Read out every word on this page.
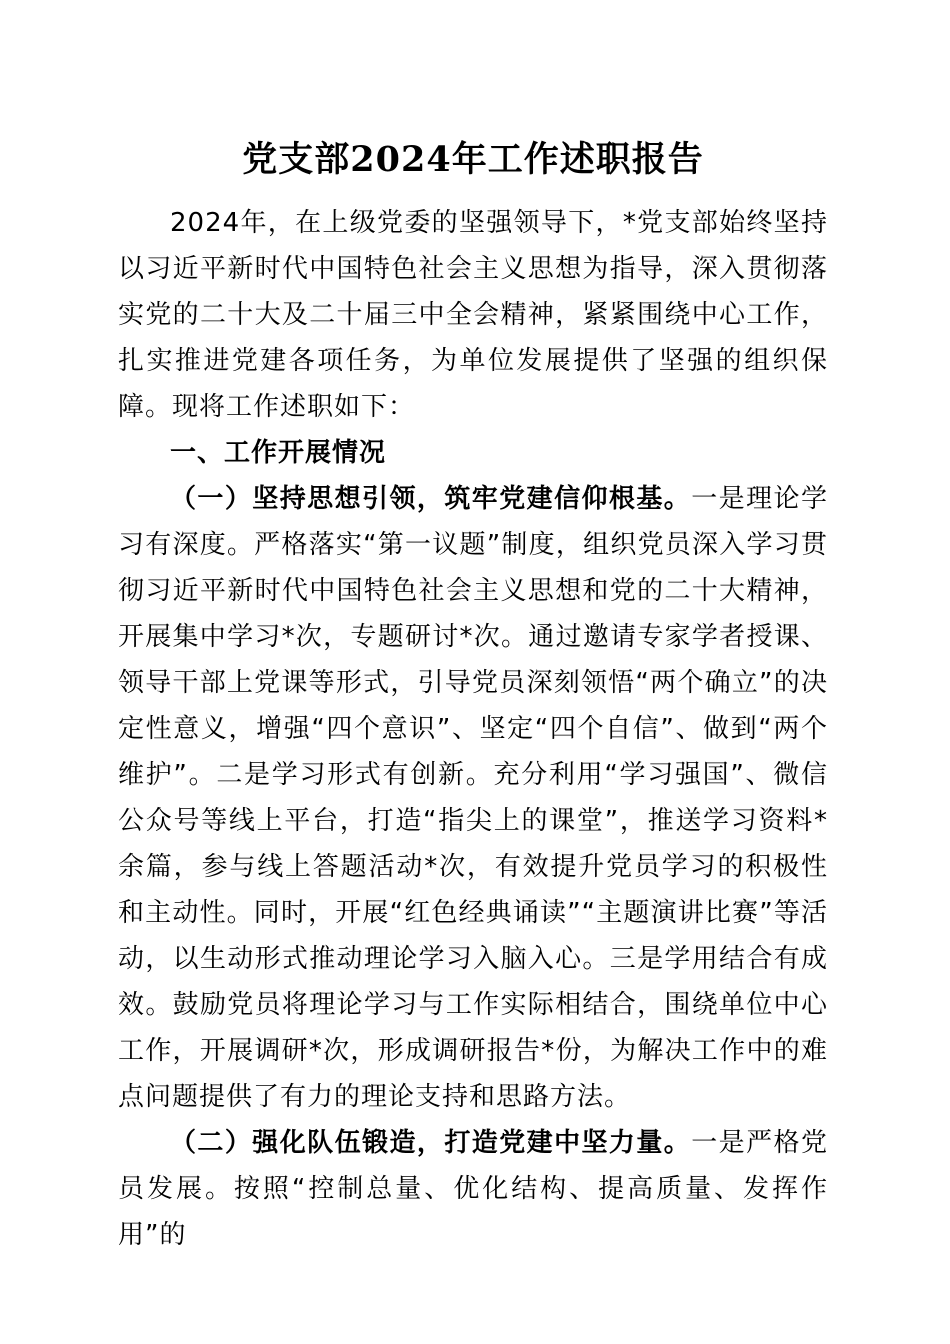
党支部2024年工作述职报告

2024年，在上级党委的坚强领导下，*党支部始终坚持以习近平新时代中国特色社会主义思想为指导，深入贯彻落实党的二十大及二十届三中全会精神，紧紧围绕中心工作，扎实推进党建各项任务，为单位发展提供了坚强的组织保障。现将工作述职如下：

一、工作开展情况

（一）坚持思想引领，筑牢党建信仰根基。一是理论学习有深度。严格落实“第一议题”制度，组织党员深入学习贯彻习近平新时代中国特色社会主义思想和党的二十大精神，开展集中学习*次，专题研讨*次。通过邀请专家学者授课、领导干部上党课等形式，引导党员深刻领悟“两个确立”的决定性意义，增强“四个意识”、坚定“四个自信”、做到“两个维护”。二是学习形式有创新。充分利用“学习强国”、微信公众号等线上平台，打造“指尖上的课堂”，推送学习资料*余篇，参与线上答题活动*次，有效提升党员学习的积极性和主动性。同时，开展“红色经典诵读”“主题演讲比赛”等活动，以生动形式推动理论学习入脑入心。三是学用结合有成效。鼓励党员将理论学习与工作实际相结合，围绕单位中心工作，开展调研*次，形成调研报告*份，为解决工作中的难点问题提供了有力的理论支持和思路方法。

（二）强化队伍锻造，打造党建中坚力量。一是严格党员发展。按照“控制总量、优化结构、提高质量、发挥作用”的
